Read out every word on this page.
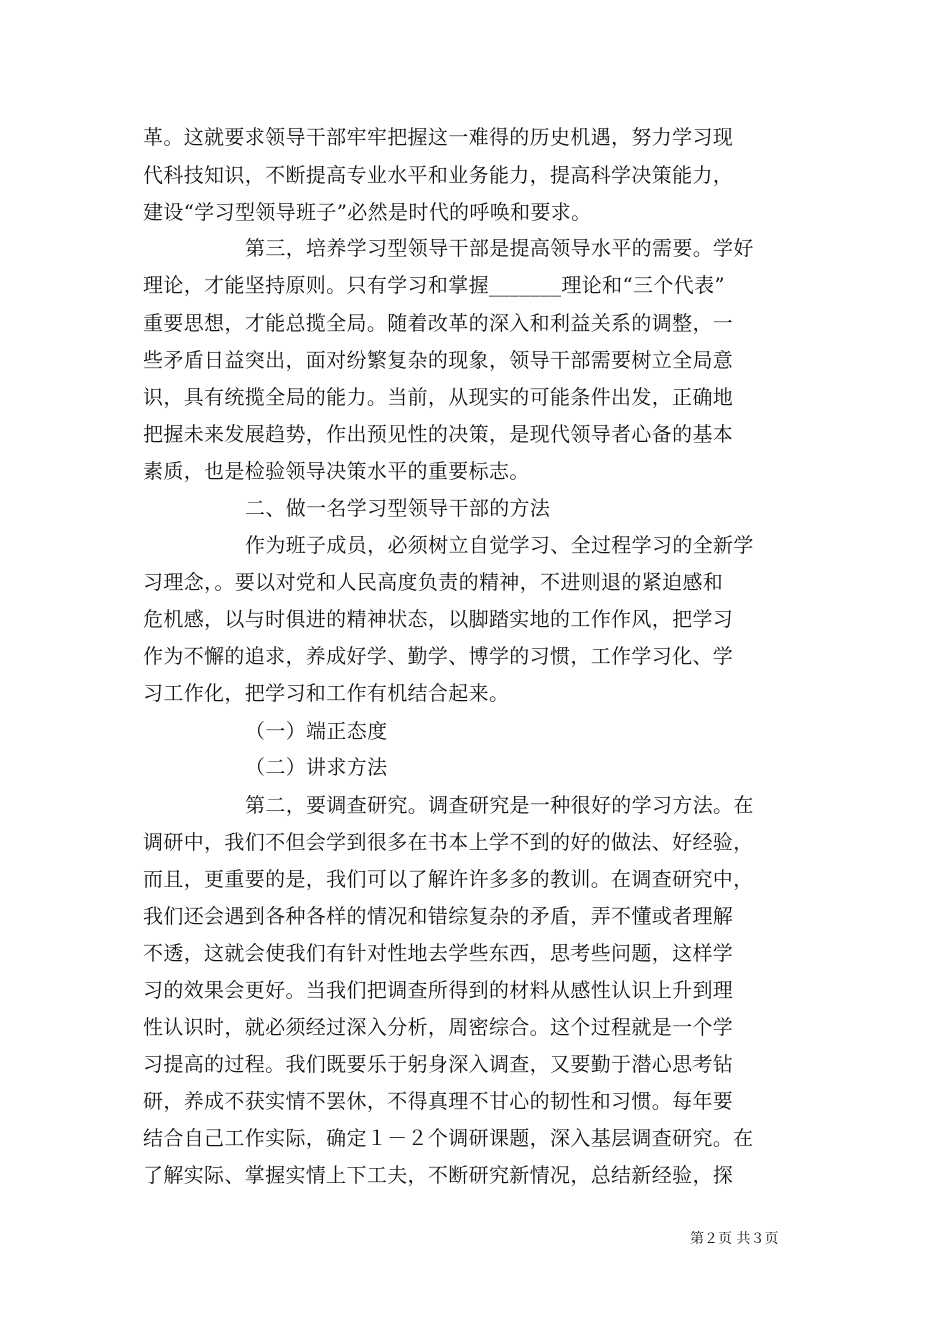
革。这就要求领导干部牢牢把握这一难得的历史机遇，努力学习现
代科技知识，不断提高专业水平和业务能力，提高科学决策能力，
建设“学习型领导班子”必然是时代的呼唤和要求。
第三，培养学习型领导干部是提高领导水平的需要。学好
理论，才能坚持原则。只有学习和掌握_______理论和“三个代表”
重要思想，才能总揽全局。随着改革的深入和利益关系的调整，一
些矛盾日益突出，面对纷繁复杂的现象，领导干部需要树立全局意
识，具有统揽全局的能力。当前，从现实的可能条件出发，正确地
把握未来发展趋势，作出预见性的决策，是现代领导者心备的基本
素质，也是检验领导决策水平的重要标志。
二、做一名学习型领导干部的方法
作为班子成员，必须树立自觉学习、全过程学习的全新学
习理念，。要以对党和人民高度负责的精神，不进则退的紧迫感和
危机感，以与时俱进的精神状态，以脚踏实地的工作作风，把学习
作为不懈的追求，养成好学、勤学、博学的习惯，工作学习化、学
习工作化，把学习和工作有机结合起来。
（一）端正态度
（二）讲求方法
第二，要调查研究。调查研究是一种很好的学习方法。在
调研中，我们不但会学到很多在书本上学不到的好的做法、好经验，
而且，更重要的是，我们可以了解许许多多的教训。在调查研究中，
我们还会遇到各种各样的情况和错综复杂的矛盾，弄不懂或者理解
不透，这就会使我们有针对性地去学些东西，思考些问题，这样学
习的效果会更好。当我们把调查所得到的材料从感性认识上升到理
性认识时，就必须经过深入分析，周密综合。这个过程就是一个学
习提高的过程。我们既要乐于躬身深入调查，又要勤于潜心思考钻
研，养成不获实情不罢休，不得真理不甘心的韧性和习惯。每年要
结合自己工作实际，确定１－２个调研课题，深入基层调查研究。在
了解实际、掌握实情上下工夫，不断研究新情况，总结新经验，探
第２页 共３页
